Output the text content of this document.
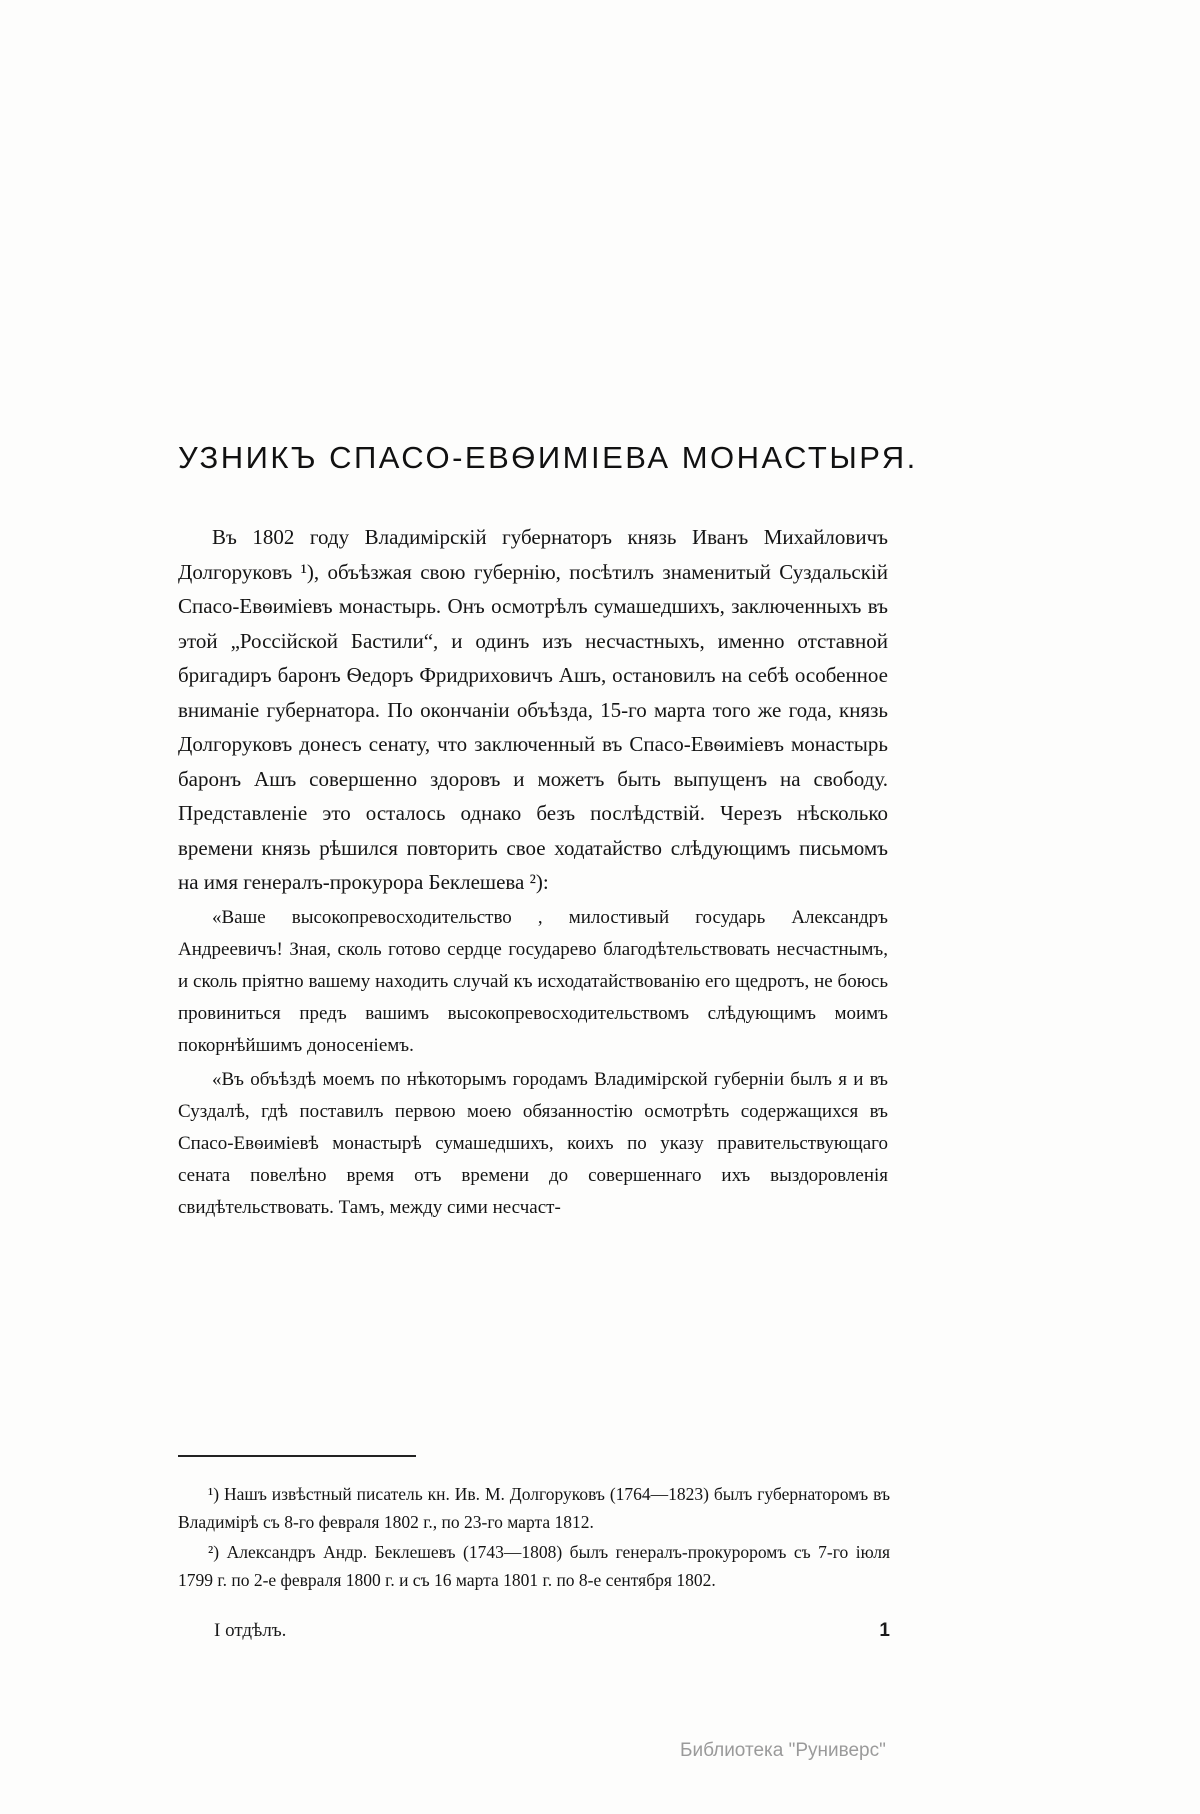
УЗНИКЪ СПАСО-ЕВѲИМІЕВА МОНАСТЫРЯ.

Въ 1802 году Владимірскій губернаторъ князь Иванъ Михайловичъ Долгоруковъ ¹), объѣзжая свою губернію, посѣтилъ знаменитый Суздальскій Спасо-Евѳиміевъ монастырь. Онъ осмотрѣлъ сумашедшихъ, заключенныхъ въ этой „Россійской Бастили“, и одинъ изъ несчастныхъ, именно отставной бригадиръ баронъ Ѳедоръ Фридриховичъ Ашъ, остановилъ на себѣ особенное вниманіе губернатора. По окончаніи объѣзда, 15-го марта того же года, князь Долгоруковъ донесъ сенату, что заключенный въ Спасо-Евѳиміевъ монастырь баронъ Ашъ совершенно здоровъ и можетъ быть выпущенъ на свободу. Представленіе это осталось однако безъ послѣдствій. Черезъ нѣсколько времени князь рѣшился повторить свое ходатайство слѣдующимъ письмомъ на имя генералъ-прокурора Беклешева ²):

«Ваше высокопревосходительство , милостивый государь Александръ Андреевичъ! Зная, сколь готово сердце государево благодѣтельствовать несчастнымъ, и сколь пріятно вашему находить случай къ исходатайствованію его щедротъ, не боюсь провиниться предъ вашимъ высокопревосходительствомъ слѣдующимъ моимъ покорнѣйшимъ доносеніемъ.

«Въ объѣздѣ моемъ по нѣкоторымъ городамъ Владимірской губерніи былъ я и въ Суздалѣ, гдѣ поставилъ первою моею обязанностію осмотрѣть содержащихся въ Спасо-Евѳиміевѣ монастырѣ сумашедшихъ, коихъ по указу правительствующаго сената повелѣно время отъ времени до совершеннаго ихъ выздоровленія свидѣтельствовать. Тамъ, между сими несчаст-

¹) Нашъ извѣстный писатель кн. Ив. М. Долгоруковъ (1764—1823) былъ губернаторомъ въ Владимірѣ съ 8-го февраля 1802 г., по 23-го марта 1812.

²) Александръ Андр. Беклешевъ (1743—1808) былъ генералъ-прокуроромъ съ 7-го іюля 1799 г. по 2-е февраля 1800 г. и съ 16 марта 1801 г. по 8-е сентября 1802.

I отдѣлъ.	1
Библиотека "Руниверс"
